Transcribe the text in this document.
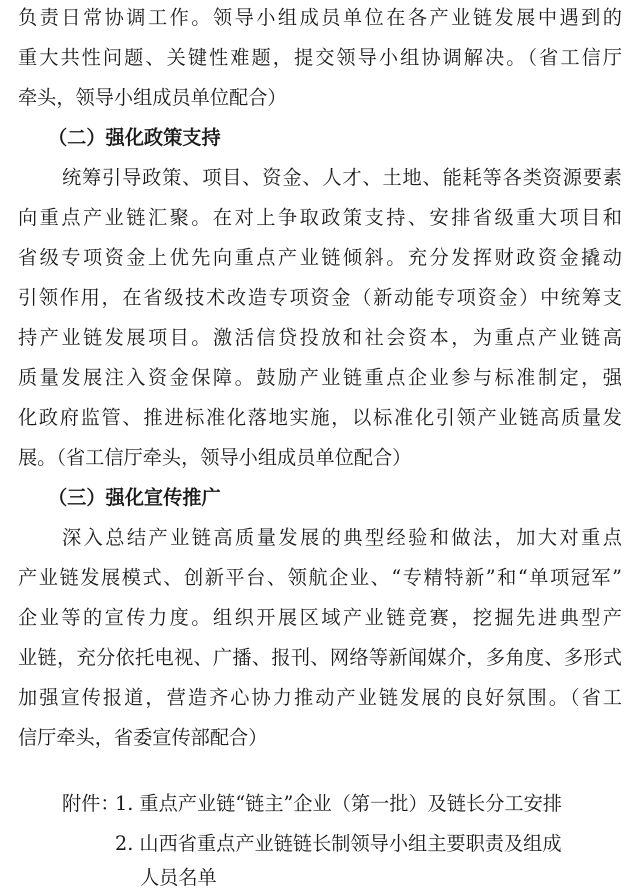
负责日常协调工作。领导小组成员单位在各产业链发展中遇到的
重大共性问题、关键性难题，提交领导小组协调解决。（省工信厅
牵头，领导小组成员单位配合）
（二）强化政策支持
统筹引导政策、项目、资金、人才、土地、能耗等各类资源要素
向重点产业链汇聚。在对上争取政策支持、安排省级重大项目和
省级专项资金上优先向重点产业链倾斜。充分发挥财政资金撬动
引领作用，在省级技术改造专项资金（新动能专项资金）中统筹支
持产业链发展项目。激活信贷投放和社会资本，为重点产业链高
质量发展注入资金保障。鼓励产业链重点企业参与标准制定，强
化政府监管、推进标准化落地实施，以标准化引领产业链高质量发
展。（省工信厅牵头，领导小组成员单位配合）
（三）强化宣传推广
深入总结产业链高质量发展的典型经验和做法，加大对重点
产业链发展模式、创新平台、领航企业、“专精特新”和“单项冠军”
企业等的宣传力度。组织开展区域产业链竞赛，挖掘先进典型产
业链，充分依托电视、广播、报刊、网络等新闻媒介，多角度、多形式
加强宣传报道，营造齐心协力推动产业链发展的良好氛围。（省工
信厅牵头，省委宣传部配合）
附件：
1. 重点产业链“链主”企业（第一批）及链长分工安排
2. 山西省重点产业链链长制领导小组主要职责及组成
人员名单
